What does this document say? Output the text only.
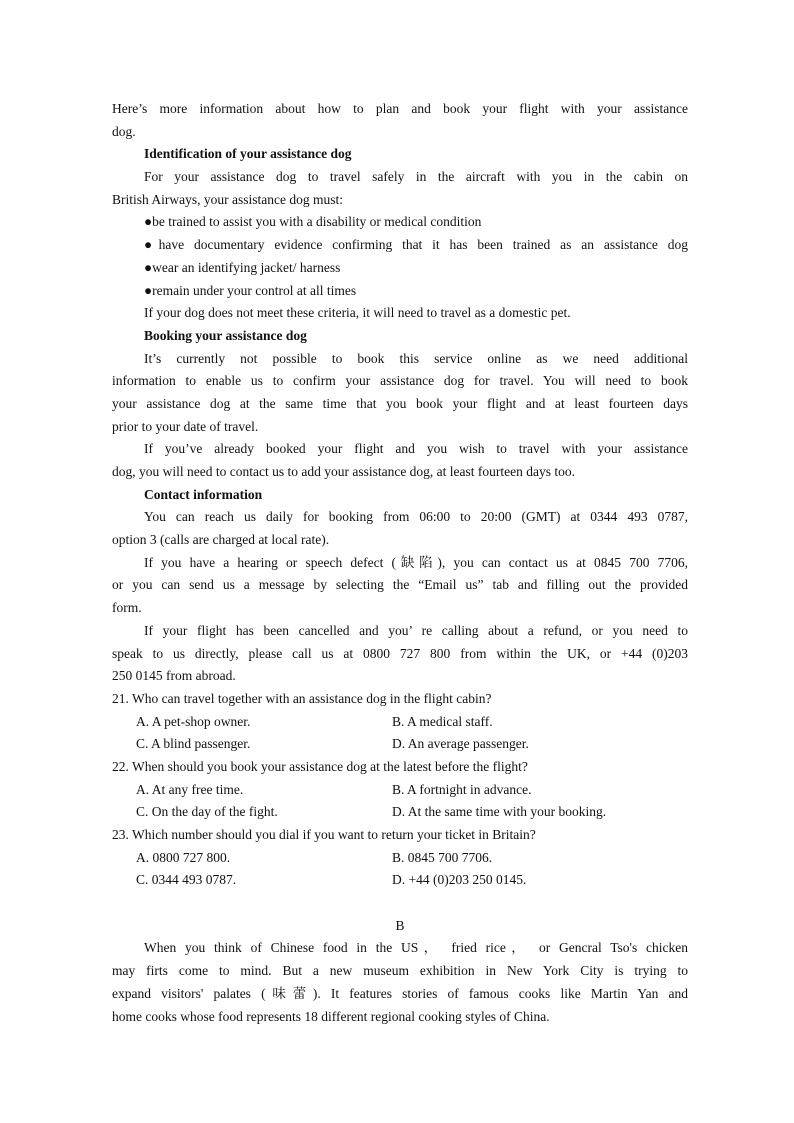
Here’s more information about how to plan and book your flight with your assistance
dog.
Identification of your assistance dog
For your assistance dog to travel safely in the aircraft with you in the cabin on
British Airways, your assistance dog must:
●be trained to assist you with a disability or medical condition
●have documentary evidence confirming that it has been trained as an assistance dog
●wear an identifying jacket/ harness
●remain under your control at all times
If your dog does not meet these criteria, it will need to travel as a domestic pet.
Booking your assistance dog
It’s currently not possible to book this service online as we need additional
information to enable us to confirm your assistance dog for travel. You will need to book
your assistance dog at the same time that you book your flight and at least fourteen days
prior to your date of travel.
If you’ve already booked your flight and you wish to travel with your assistance
dog, you will need to contact us to add your assistance dog, at least fourteen days too.
Contact information
You can reach us daily for booking from 06:00 to 20:00 (GMT) at 0344 493 0787,
option 3 (calls are charged at local rate).
If you have a hearing or speech defect (缺陷), you can contact us at 0845 700 7706,
or you can send us a message by selecting the “Email us” tab and filling out the provided
form.
If your flight has been cancelled and you’ re calling about a refund, or you need to
speak to us directly, please call us at 0800 727 800 from within the UK, or +44 (0)203
250 0145 from abroad.
21. Who can travel together with an assistance dog in the flight cabin?
A. A pet-shop owner.	B. A medical staff.
C. A blind passenger.	D. An average passenger.
22. When should you book your assistance dog at the latest before the flight?
A. At any free time.	B. A fortnight in advance.
C. On the day of the fight.	D. At the same time with your booking.
23. Which number should you dial if you want to return your ticket in Britain?
A. 0800 727 800.	B. 0845 700 7706.
C. 0344 493 0787.	D. +44 (0)203 250 0145.
B
When you think of Chinese food in the US， fried rice， or Gencral Tso's chicken
may firts come to mind. But a new museum exhibition in New York City is trying to
expand visitors' palates (味蕾). It features stories of famous cooks like Martin Yan and
home cooks whose food represents 18 different regional cooking styles of China.
